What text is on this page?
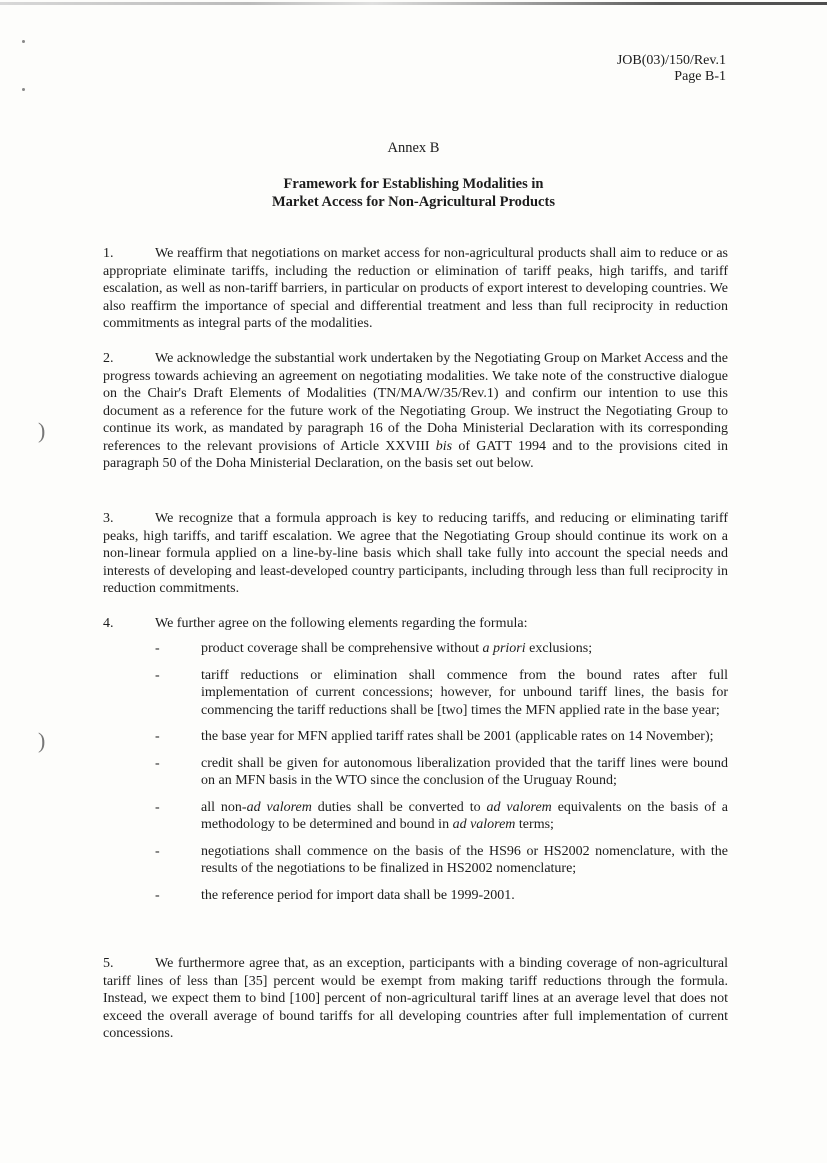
)
)
JOB(03)/150/Rev.1
Page B-1
Annex B
Framework for Establishing Modalities in
Market Access for Non-Agricultural Products
1.	We reaffirm that negotiations on market access for non-agricultural products shall aim to reduce or as appropriate eliminate tariffs, including the reduction or elimination of tariff peaks, high tariffs, and tariff escalation, as well as non-tariff barriers, in particular on products of export interest to developing countries. We also reaffirm the importance of special and differential treatment and less than full reciprocity in reduction commitments as integral parts of the modalities.
2.	We acknowledge the substantial work undertaken by the Negotiating Group on Market Access and the progress towards achieving an agreement on negotiating modalities. We take note of the constructive dialogue on the Chair's Draft Elements of Modalities (TN/MA/W/35/Rev.1) and confirm our intention to use this document as a reference for the future work of the Negotiating Group. We instruct the Negotiating Group to continue its work, as mandated by paragraph 16 of the Doha Ministerial Declaration with its corresponding references to the relevant provisions of Article XXVIII bis of GATT 1994 and to the provisions cited in paragraph 50 of the Doha Ministerial Declaration, on the basis set out below.
3.	We recognize that a formula approach is key to reducing tariffs, and reducing or eliminating tariff peaks, high tariffs, and tariff escalation. We agree that the Negotiating Group should continue its work on a non-linear formula applied on a line-by-line basis which shall take fully into account the special needs and interests of developing and least-developed country participants, including through less than full reciprocity in reduction commitments.
4.	We further agree on the following elements regarding the formula:
-	product coverage shall be comprehensive without a priori exclusions;
-	tariff reductions or elimination shall commence from the bound rates after full implementation of current concessions; however, for unbound tariff lines, the basis for commencing the tariff reductions shall be [two] times the MFN applied rate in the base year;
-	the base year for MFN applied tariff rates shall be 2001 (applicable rates on 14 November);
-	credit shall be given for autonomous liberalization provided that the tariff lines were bound on an MFN basis in the WTO since the conclusion of the Uruguay Round;
-	all non-ad valorem duties shall be converted to ad valorem equivalents on the basis of a methodology to be determined and bound in ad valorem terms;
-	negotiations shall commence on the basis of the HS96 or HS2002 nomenclature, with the results of the negotiations to be finalized in HS2002 nomenclature;
-	the reference period for import data shall be 1999-2001.
5.	We furthermore agree that, as an exception, participants with a binding coverage of non-agricultural tariff lines of less than [35] percent would be exempt from making tariff reductions through the formula. Instead, we expect them to bind [100] percent of non-agricultural tariff lines at an average level that does not exceed the overall average of bound tariffs for all developing countries after full implementation of current concessions.
